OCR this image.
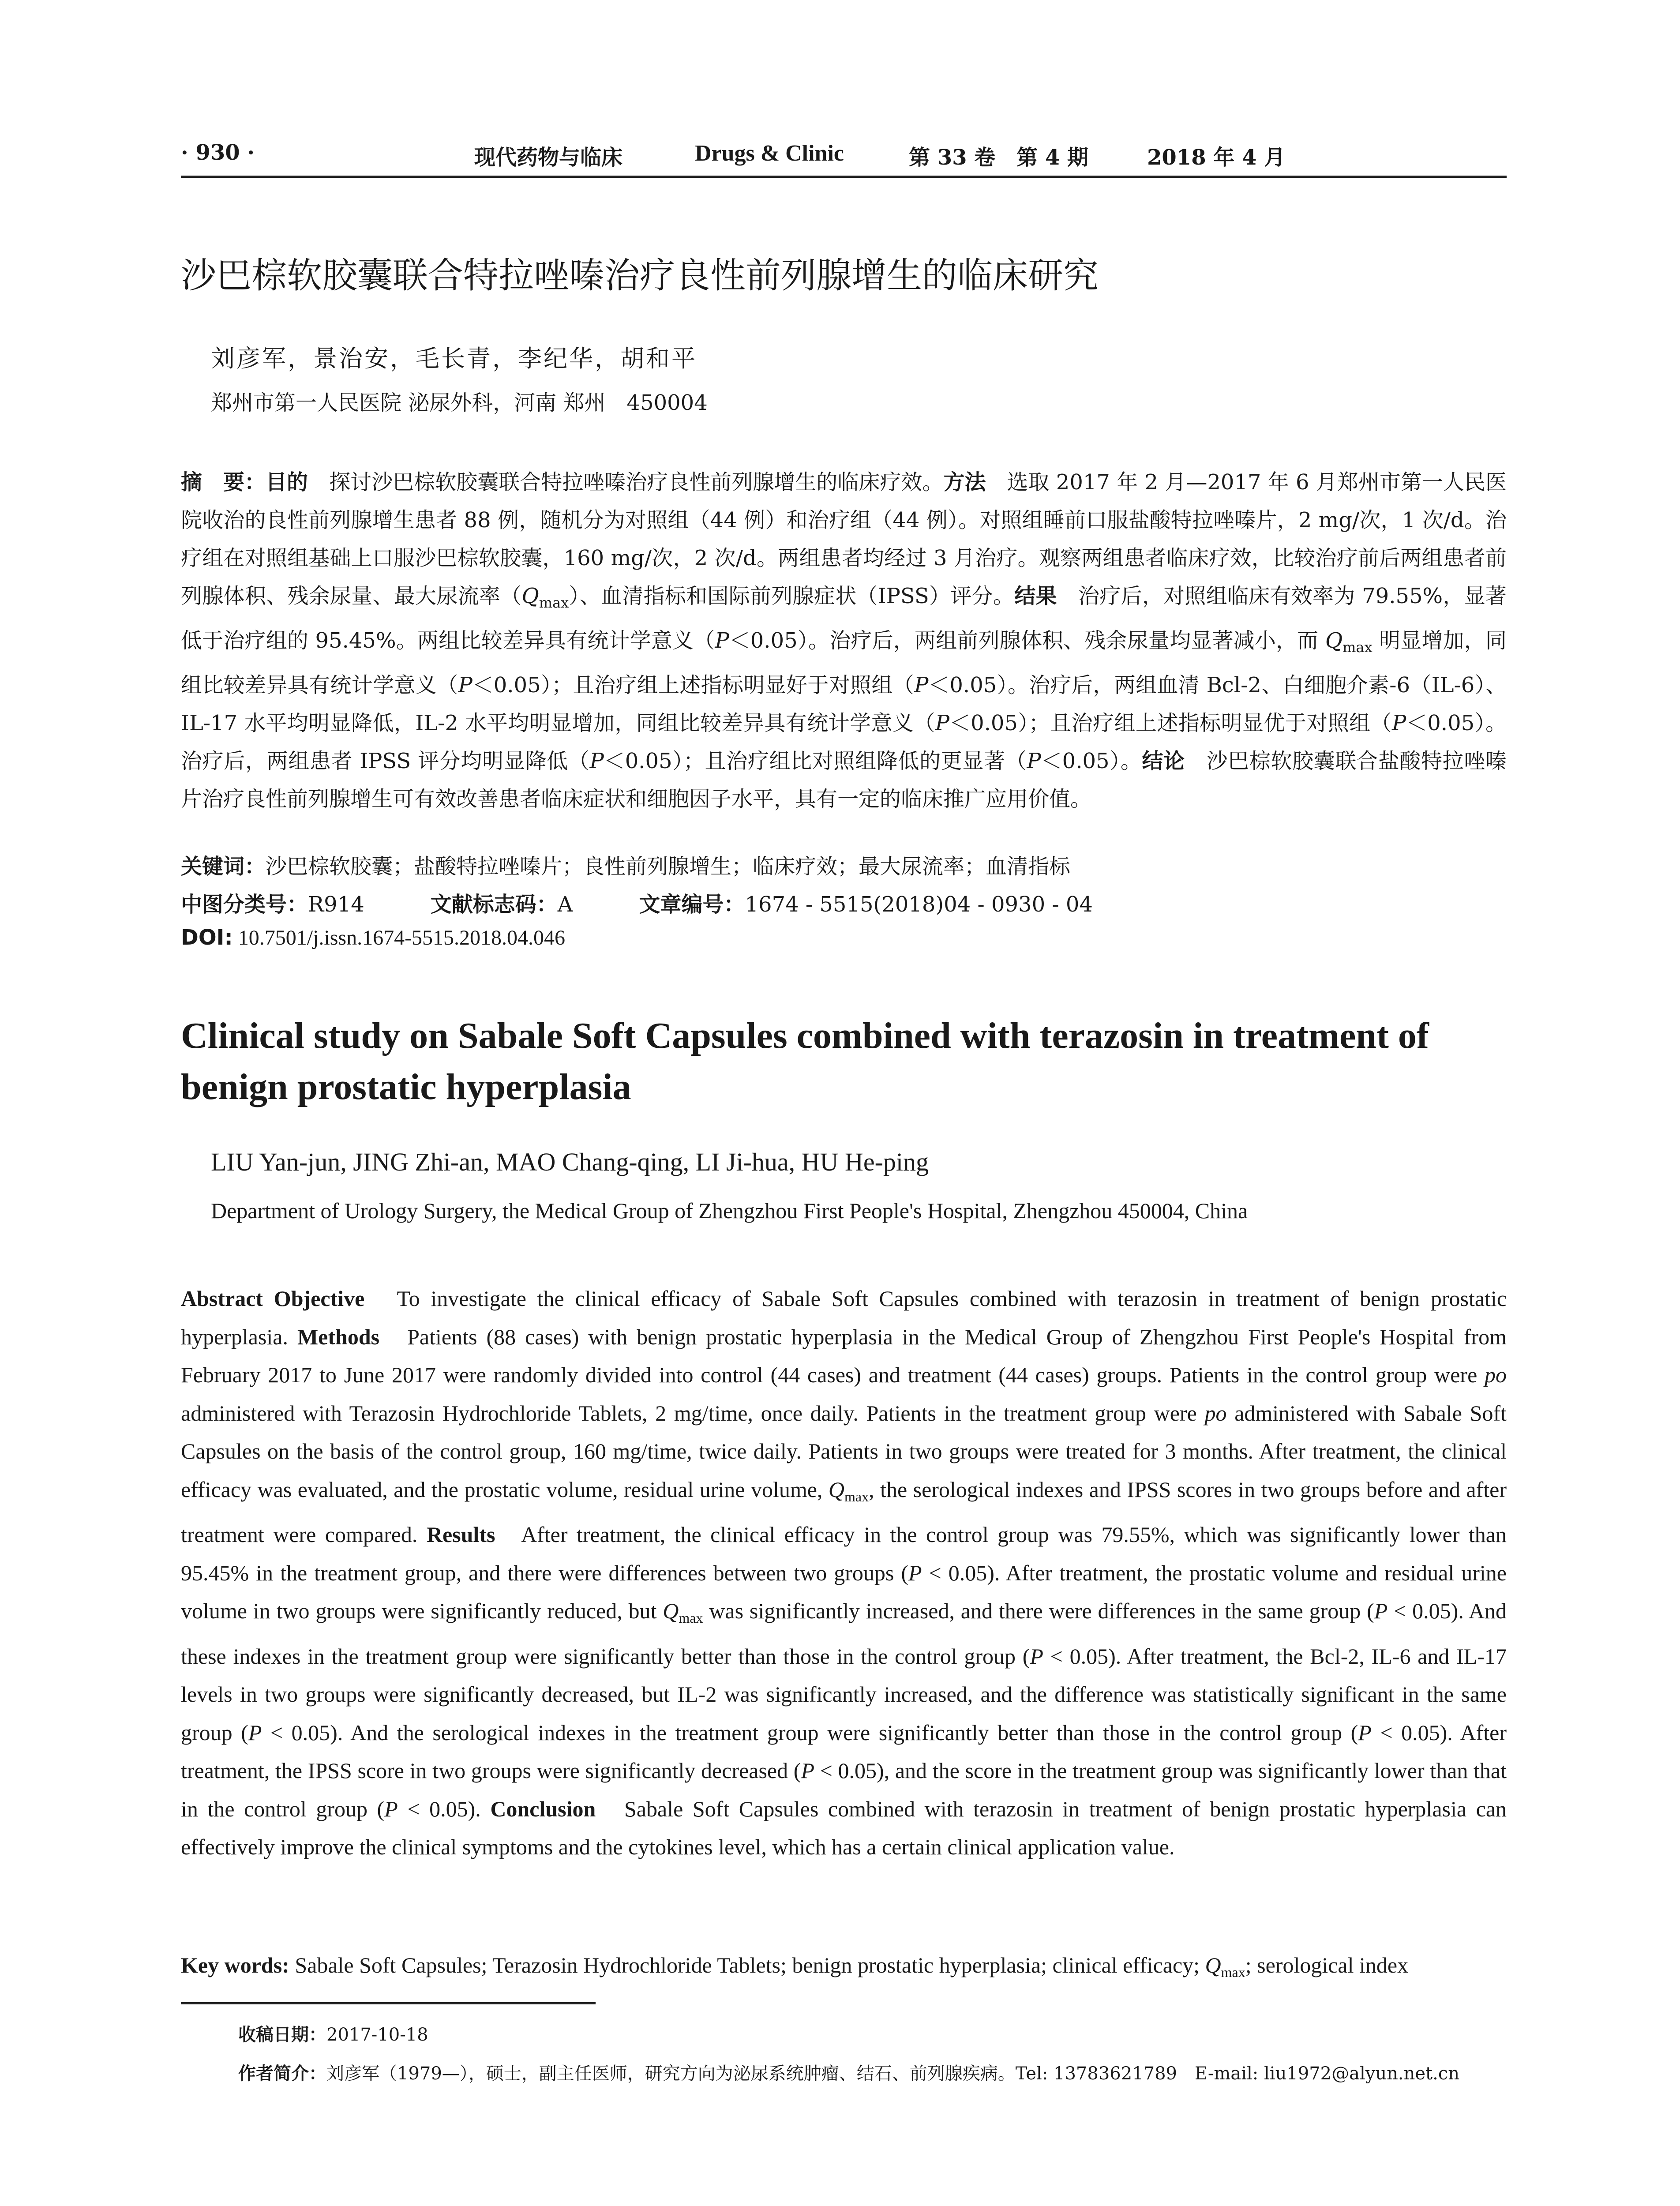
· 930 ·	现代药物与临床	Drugs & Clinic	第 33 卷　第 4 期	2018 年 4 月
沙巴棕软胶囊联合特拉唑嗪治疗良性前列腺增生的临床研究
刘彦军，景治安，毛长青，李纪华，胡和平
郑州市第一人民医院 泌尿外科，河南 郑州　450004
摘　要：目的　 探讨沙巴棕软胶囊联合特拉唑嗪治疗良性前列腺增生的临床疗效。方法　 选取 2017 年 2 月—2017 年 6 月郑州市第一人民医院收治的良性前列腺增生患者 88 例，随机分为对照组（44 例）和治疗组（44 例）。对照组睡前口服盐酸特拉唑嗪片，2 mg/次，1 次/d。治疗组在对照组基础上口服沙巴棕软胶囊，160 mg/次，2 次/d。两组患者均经过 3 月治疗。观察两组患者临床疗效，比较治疗前后两组患者前列腺体积、残余尿量、最大尿流率$(Q_{max})$、血清指标和国际前列腺症状（IPSS）评分。结果　 治疗后，对照组临床有效率为 79.55%，显著低于治疗组的 95.45%。两组比较差异具有统计学意义（P＜0.05）。治疗后，两组前列腺体积、残余尿量均显著减小，而 $Q_{max}$ 明显增加，同组比较差异具有统计学意义（P＜0.05）；且治疗组上述指标明显好于对照组（P＜0.05）。治疗后，两组血清 Bcl-2、白细胞介素-6（IL-6）、IL-17 水平均明显降低，IL-2 水平均明显增加，同组比较差异具有统计学意义（P＜0.05）；且治疗组上述指标明显优于对照组（P＜0.05）。治疗后，两组患者 IPSS 评分均明显降低（P＜0.05）；且治疗组比对照组降低的更显著（P＜0.05）。结论　 沙巴棕软胶囊联合盐酸特拉唑嗪片治疗良性前列腺增生可有效改善患者临床症状和细胞因子水平，具有一定的临床推广应用价值。
关键词：沙巴棕软胶囊；盐酸特拉唑嗪片；良性前列腺增生；临床疗效；最大尿流率；血清指标
中图分类号：R914	文献标志码：A	文章编号：1674 - 5515(2018)04 - 0930 - 04
DOI: 10.7501/j.issn.1674-5515.2018.04.046
Clinical study on Sabale Soft Capsules combined with terazosin in treatment of benign prostatic hyperplasia
LIU Yan-jun, JING Zhi-an, MAO Chang-qing, LI Ji-hua, HU He-ping
Department of Urology Surgery, the Medical Group of Zhengzhou First People's Hospital, Zhengzhou 450004, China
Abstract Objective To investigate the clinical efficacy of Sabale Soft Capsules combined with terazosin in treatment of benign prostatic hyperplasia. Methods Patients (88 cases) with benign prostatic hyperplasia in the Medical Group of Zhengzhou First People's Hospital from February 2017 to June 2017 were randomly divided into control (44 cases) and treatment (44 cases) groups. Patients in the control group were po administered with Terazosin Hydrochloride Tablets, 2 mg/time, once daily. Patients in the treatment group were po administered with Sabale Soft Capsules on the basis of the control group, 160 mg/time, twice daily. Patients in two groups were treated for 3 months. After treatment, the clinical efficacy was evaluated, and the prostatic volume, residual urine volume, $Q_{max}$, the serological indexes and IPSS scores in two groups before and after treatment were compared. Results After treatment, the clinical efficacy in the control group was 79.55%, which was significantly lower than 95.45% in the treatment group, and there were differences between two groups (P < 0.05). After treatment, the prostatic volume and residual urine volume in two groups were significantly reduced, but $Q_{max}$ was significantly increased, and there were differences in the same group (P < 0.05). And these indexes in the treatment group were significantly better than those in the control group (P < 0.05). After treatment, the Bcl-2, IL-6 and IL-17 levels in two groups were significantly decreased, but IL-2 was significantly increased, and the difference was statistically significant in the same group (P < 0.05). And the serological indexes in the treatment group were significantly better than those in the control group (P < 0.05). After treatment, the IPSS score in two groups were significantly decreased (P < 0.05), and the score in the treatment group was significantly lower than that in the control group (P < 0.05). Conclusion Sabale Soft Capsules combined with terazosin in treatment of benign prostatic hyperplasia can effectively improve the clinical symptoms and the cytokines level, which has a certain clinical application value.
Key words: Sabale Soft Capsules; Terazosin Hydrochloride Tablets; benign prostatic hyperplasia; clinical efficacy; $Q_{max}$; serological index
收稿日期：2017-10-18
作者简介：刘彦军（1979—），硕士，副主任医师，研究方向为泌尿系统肿瘤、结石、前列腺疾病。Tel: 13783621789　E-mail: liu1972@alyun.net.cn
